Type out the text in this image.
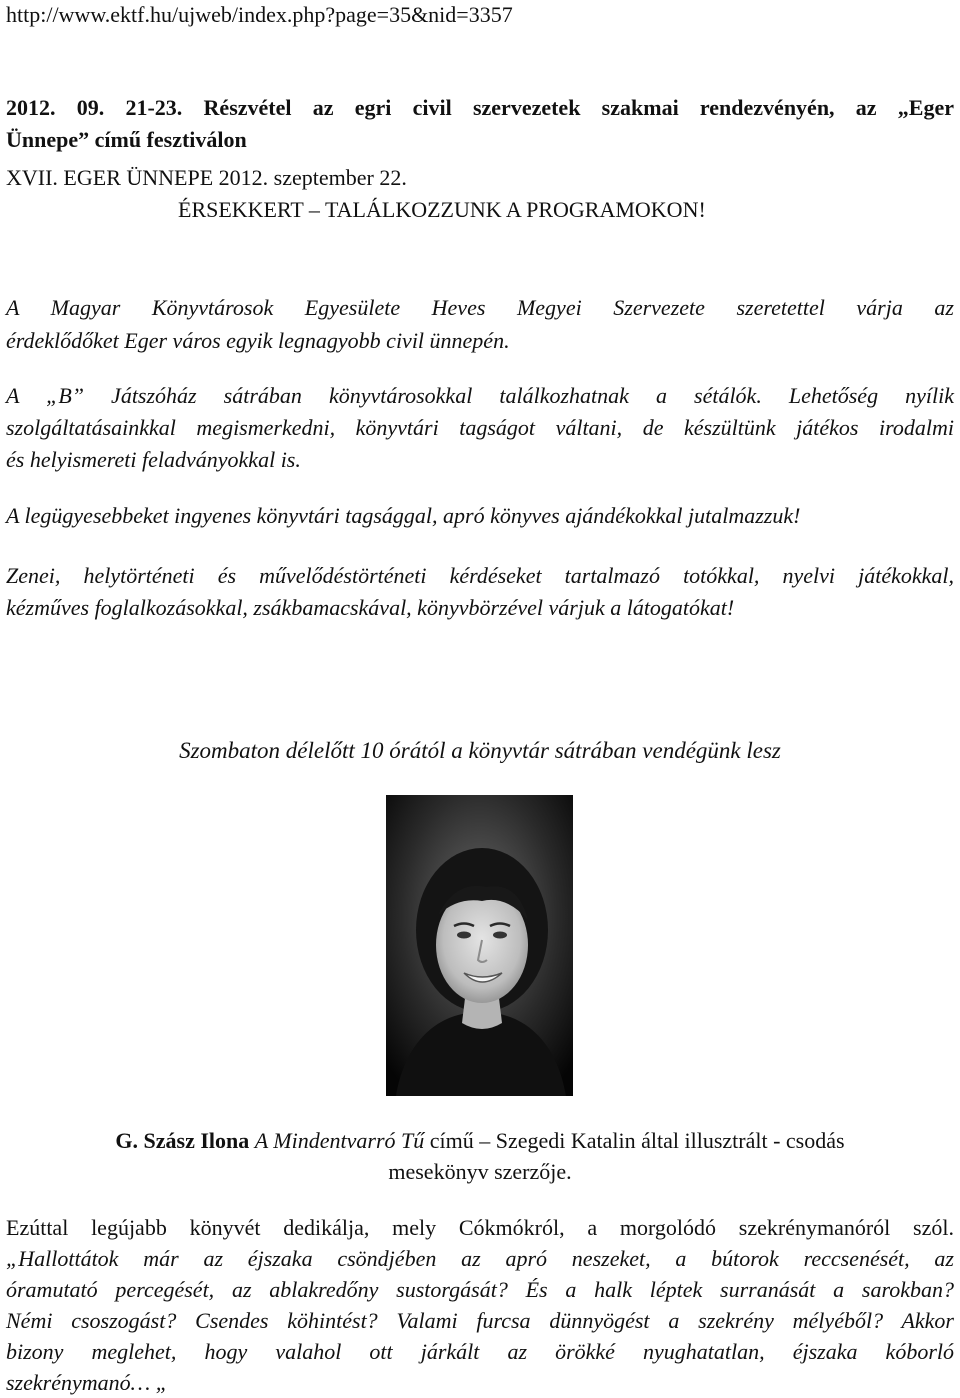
http://www.ektf.hu/ujweb/index.php?page=35&nid=3357
2012. 09. 21-23. Részvétel az egri civil szervezetek szakmai rendezvényén, az „Eger
Ünnepe” című fesztiválon
XVII. EGER ÜNNEPE 2012. szeptember 22.
ÉRSEKKERT – TALÁLKOZZUNK A PROGRAMOKON!
A Magyar Könyvtárosok Egyesülete Heves Megyei Szervezete szeretettel várja az
érdeklődőket Eger város egyik legnagyobb civil ünnepén.
A „B” Játszóház sátrában könyvtárosokkal találkozhatnak a sétálók. Lehetőség nyílik
szolgáltatásainkkal megismerkedni, könyvtári tagságot váltani, de készültünk játékos irodalmi
és helyismereti feladványokkal is.
A legügyesebbeket ingyenes könyvtári tagsággal, apró könyves ajándékokkal jutalmazzuk!
Zenei, helytörténeti és művelődéstörténeti kérdéseket tartalmazó totókkal, nyelvi játékokkal,
kézműves foglalkozásokkal, zsákbamacskával, könyvbörzével várjuk a látogatókat!
Szombaton délelőtt 10 órától a könyvtár sátrában vendégünk lesz
G. Szász Ilona A Mindentvarró Tű című – Szegedi Katalin által illusztrált - csodás
mesekönyv szerzője.
Ezúttal legújabb könyvét dedikálja, mely Cókmókról, a morgolódó szekrénymanóról szól.
„Hallottátok már az éjszaka csöndjében az apró neszeket, a bútorok reccsenését, az
óramutató percegését, az ablakredőny sustorgását? És a halk léptek surranását a sarokban?
Némi csoszogást? Csendes köhintést? Valami furcsa dünnyögést a szekrény mélyéből? Akkor
bizony meglehet, hogy valahol ott járkált az örökké nyughatatlan, éjszaka kóborló
szekrénymanó… „
